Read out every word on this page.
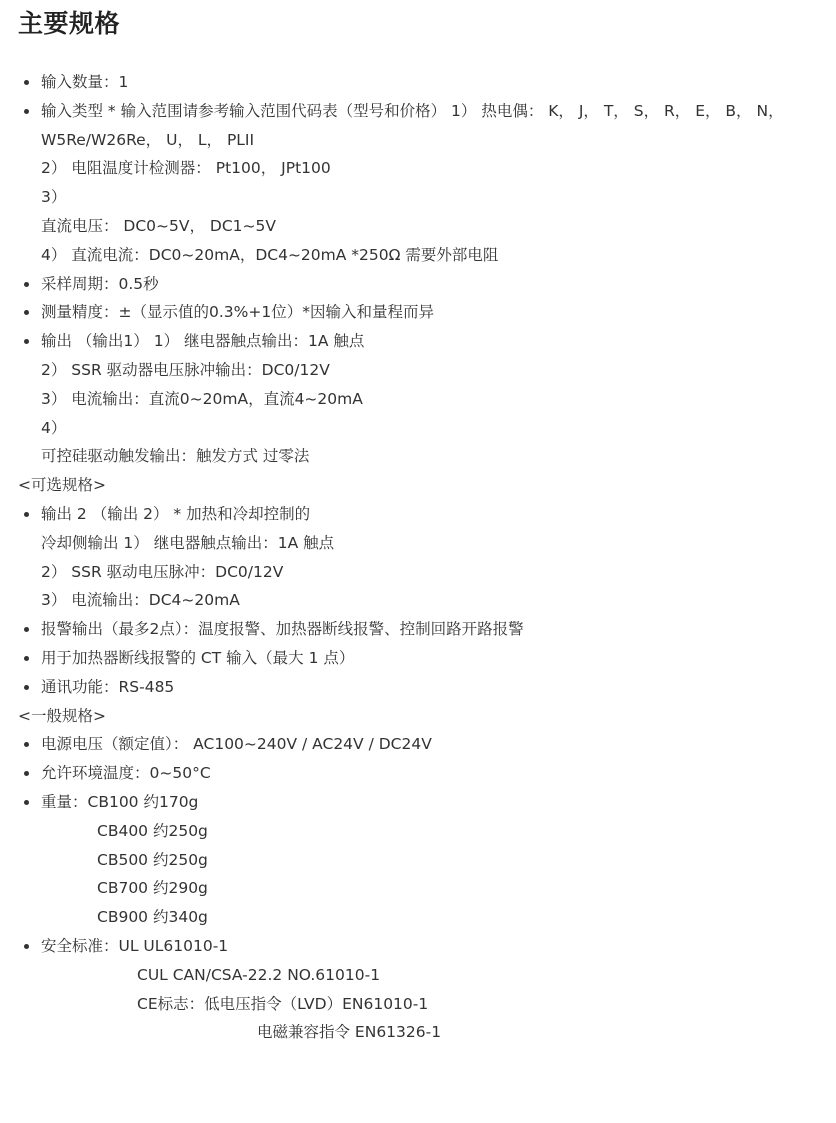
主要规格
输入数量：1
输入类型 * 输入范围请参考输入范围代码表（型号和价格） 1） 热电偶： K， J， T， S， R， E， B， N，
W5Re/W26Re， U， L， PLII
2） 电阻温度计检测器： Pt100， JPt100
3）
直流电压： DC0~5V， DC1~5V
4） 直流电流：DC0~20mA，DC4~20mA *250Ω 需要外部电阻
采样周期：0.5秒
测量精度：±（显示值的0.3%+1位）*因输入和量程而异
输出 （输出1） 1） 继电器触点输出：1A 触点
2） SSR 驱动器电压脉冲输出：DC0/12V
3） 电流输出：直流0~20mA，直流4~20mA
4）
可控硅驱动触发输出：触发方式 过零法
<可选规格>
输出 2 （输出 2） * 加热和冷却控制的
冷却侧输出 1） 继电器触点输出：1A 触点
2） SSR 驱动电压脉冲：DC0/12V
3） 电流输出：DC4~20mA
报警输出（最多2点）：温度报警、加热器断线报警、控制回路开路报警
用于加热器断线报警的 CT 输入（最大 1 点）
通讯功能：RS-485
<一般规格>
电源电压（额定值）： AC100~240V / AC24V / DC24V
允许环境温度：0~50°C
重量：CB100 约170g
CB400 约250g
CB500 约250g
CB700 约290g
CB900 约340g
安全标准：UL UL61010-1
CUL CAN/CSA-22.2 NO.61010-1
CE标志：低电压指令（LVD）EN61010-1
电磁兼容指令 EN61326-1
